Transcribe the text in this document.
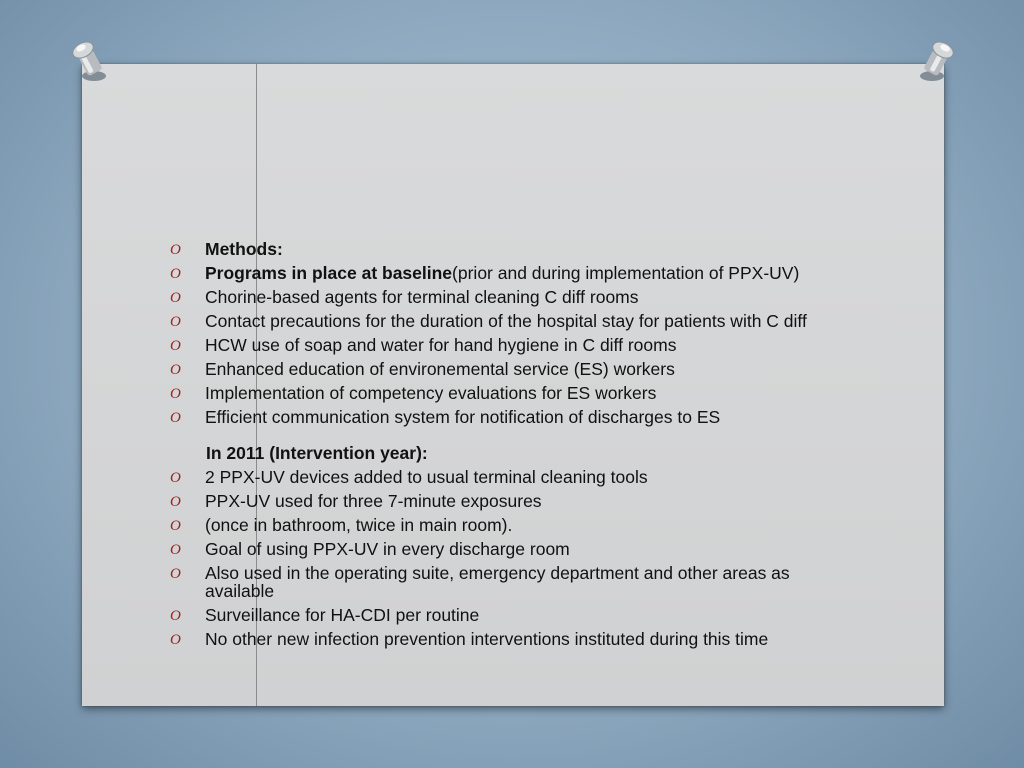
O Methods:
O Programs in place at baseline(prior and during implementation of PPX-UV)
O Chorine-based agents for terminal cleaning C diff rooms
O Contact precautions for the duration of the hospital stay for patients with C diff
O HCW use of soap and water for hand hygiene in C diff rooms
O Enhanced education of environemental service (ES) workers
O Implementation of competency evaluations for ES workers
O Efficient communication system for notification of discharges to ES
In 2011 (Intervention year):
O 2 PPX-UV devices added to usual terminal cleaning tools
O PPX-UV used for three 7-minute exposures
O (once in bathroom, twice in main room).
O Goal of using PPX-UV in every discharge room
O Also used in the operating suite, emergency department and other areas as available
O Surveillance for HA-CDI per routine
O No other new infection prevention interventions instituted during this time
